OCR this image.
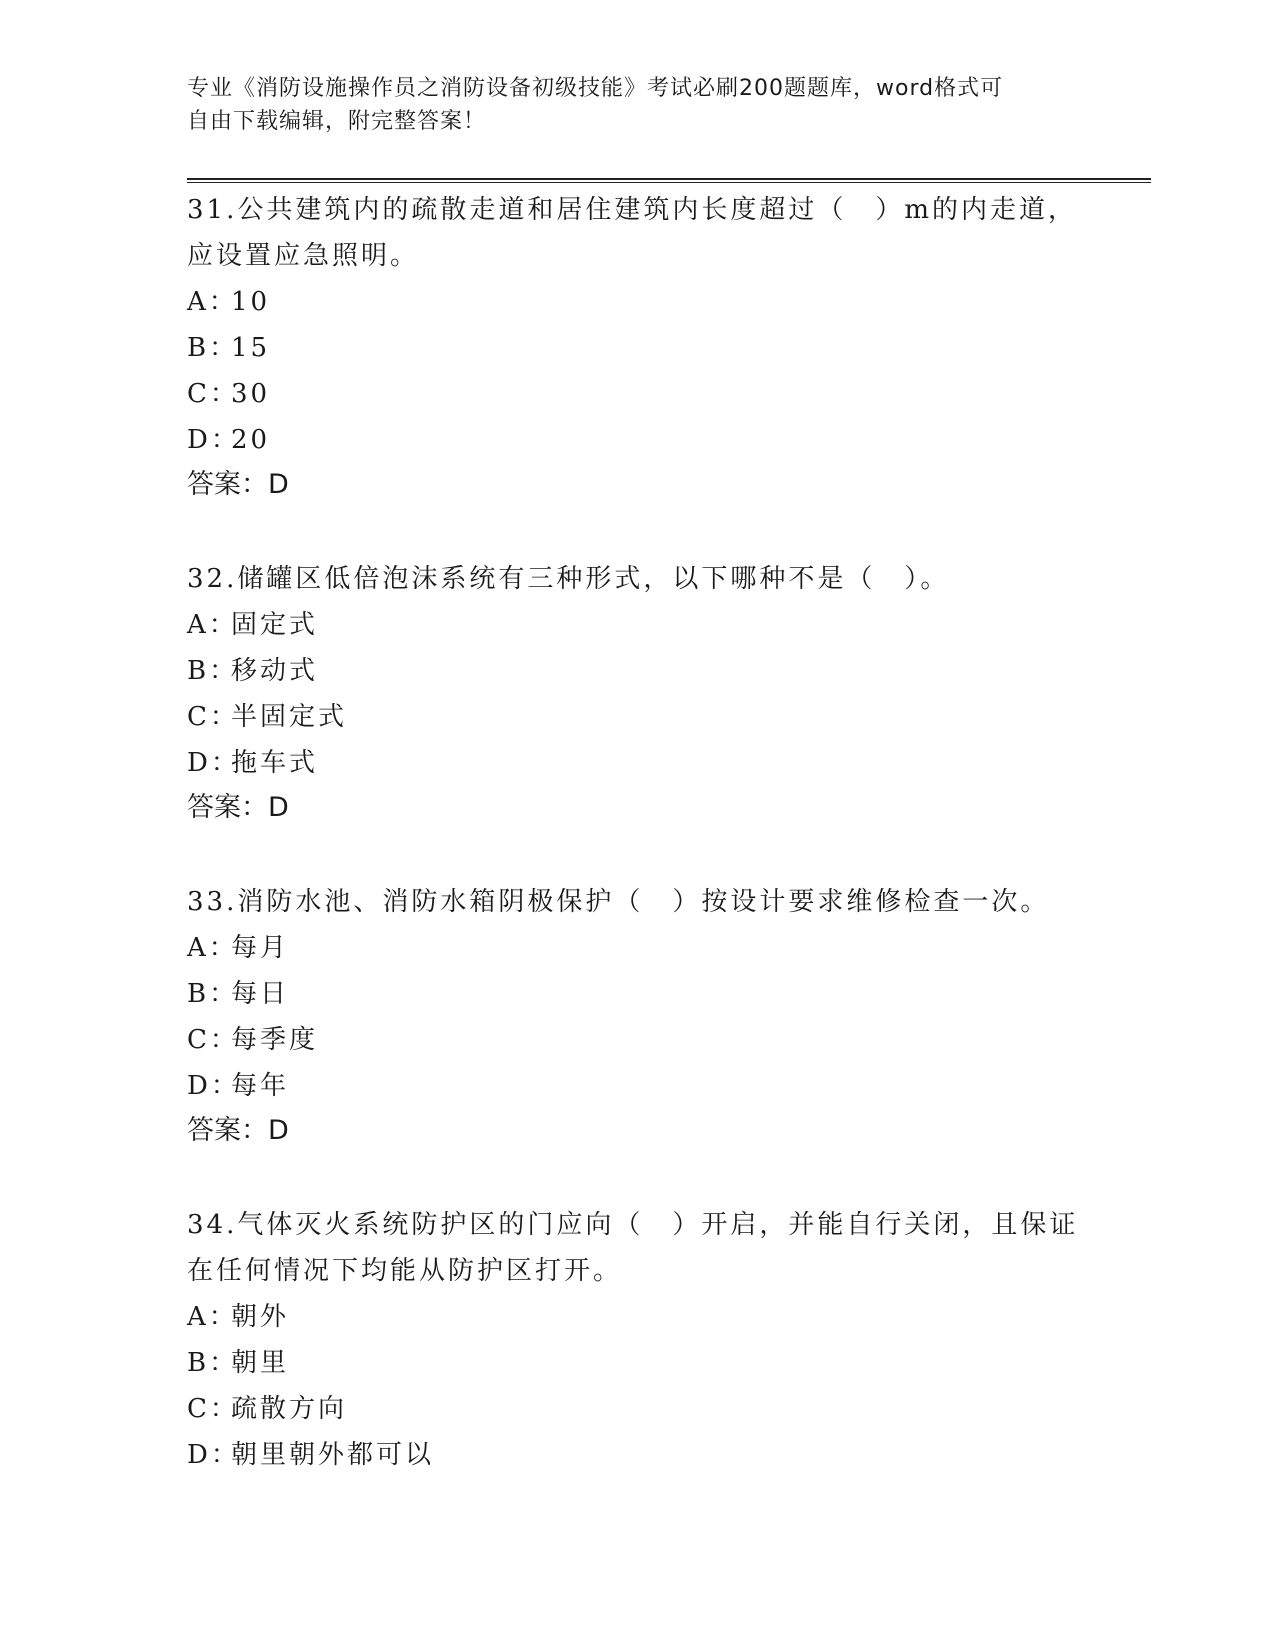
专业《消防设施操作员之消防设备初级技能》考试必刷200题题库，word格式可
自由下载编辑，附完整答案！
31.公共建筑内的疏散走道和居住建筑内长度超过（　）m的内走道，应设置应急照明。
A：10
B：15
C：30
D：20
答案：D
32.储罐区低倍泡沫系统有三种形式，以下哪种不是（　）。
A：固定式
B：移动式
C：半固定式
D：拖车式
答案：D
33.消防水池、消防水箱阴极保护（　）按设计要求维修检查一次。
A：每月
B：每日
C：每季度
D：每年
答案：D
34.气体灭火系统防护区的门应向（　）开启，并能自行关闭，且保证在任何情况下均能从防护区打开。
A：朝外
B：朝里
C：疏散方向
D：朝里朝外都可以
